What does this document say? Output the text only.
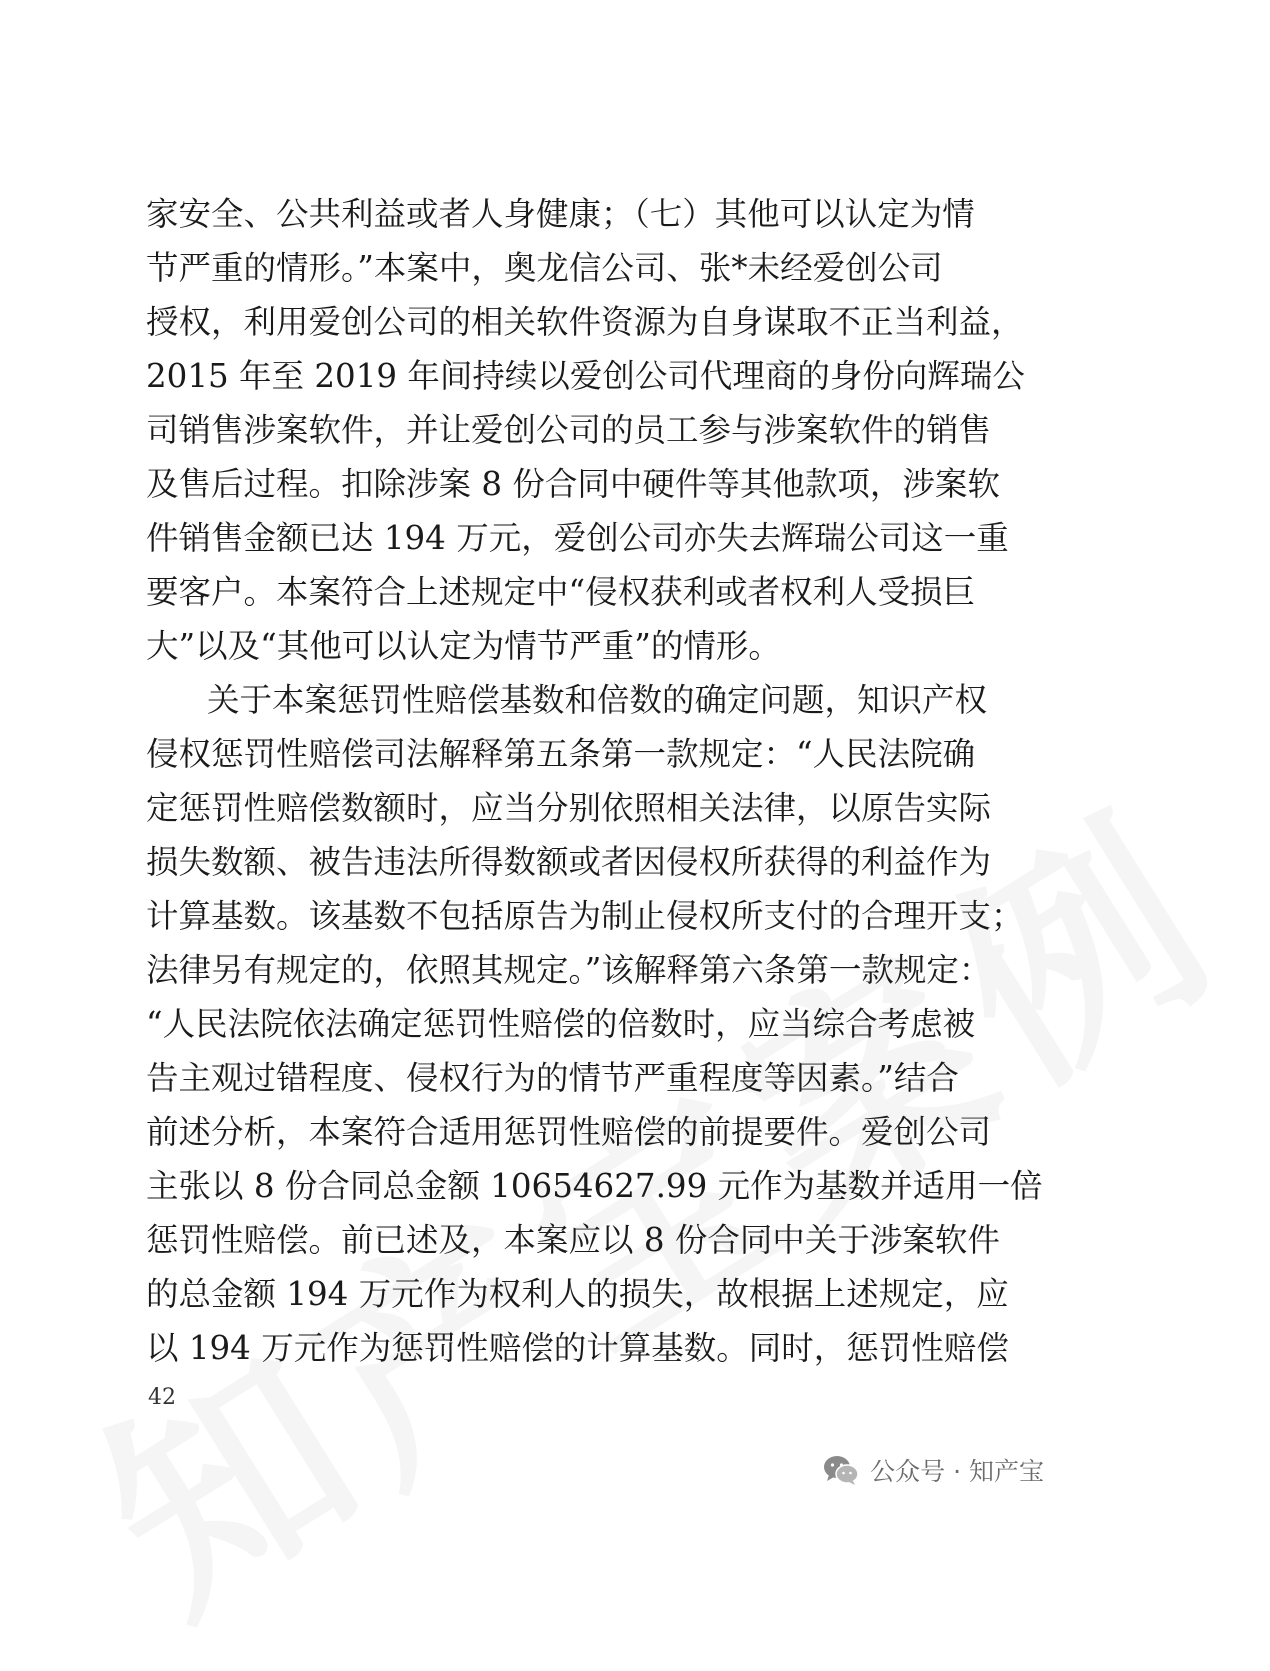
家安全、公共利益或者人身健康；（七）其他可以认定为情
节严重的情形。”本案中，奥龙信公司、张*未经爱创公司
授权，利用爱创公司的相关软件资源为自身谋取不正当利益，
2015 年至 2019 年间持续以爱创公司代理商的身份向辉瑞公
司销售涉案软件，并让爱创公司的员工参与涉案软件的销售
及售后过程。扣除涉案 8 份合同中硬件等其他款项，涉案软
件销售金额已达 194 万元，爱创公司亦失去辉瑞公司这一重
要客户。本案符合上述规定中“侵权获利或者权利人受损巨
大”以及“其他可以认定为情节严重”的情形。
关于本案惩罚性赔偿基数和倍数的确定问题，知识产权
侵权惩罚性赔偿司法解释第五条第一款规定：“人民法院确
定惩罚性赔偿数额时，应当分别依照相关法律，以原告实际
损失数额、被告违法所得数额或者因侵权所获得的利益作为
计算基数。该基数不包括原告为制止侵权所支付的合理开支；
法律另有规定的，依照其规定。”该解释第六条第一款规定：
“人民法院依法确定惩罚性赔偿的倍数时，应当综合考虑被
告主观过错程度、侵权行为的情节严重程度等因素。”结合
前述分析，本案符合适用惩罚性赔偿的前提要件。爱创公司
主张以 8 份合同总金额 10654627.99 元作为基数并适用一倍
惩罚性赔偿。前已述及，本案应以 8 份合同中关于涉案软件
的总金额 194 万元作为权利人的损失，故根据上述规定，应
以 194 万元作为惩罚性赔偿的计算基数。同时，惩罚性赔偿
42
公众号 · 知产宝
